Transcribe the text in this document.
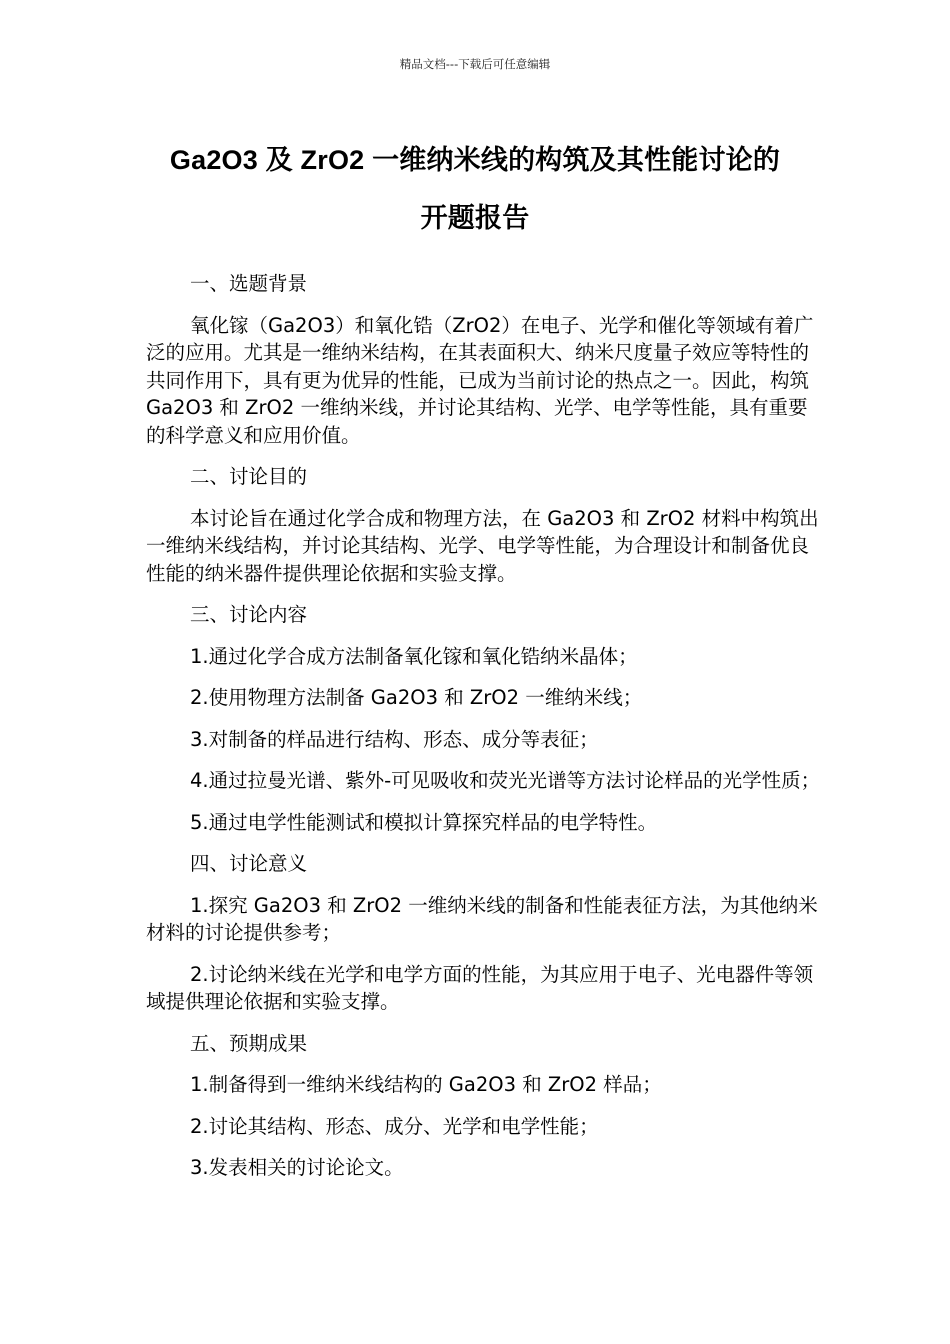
精品文档---下载后可任意编辑
Ga2O3 及 ZrO2 一维纳米线的构筑及其性能讨论的
开题报告

一、选题背景

氧化镓（Ga2O3）和氧化锆（ZrO2）在电子、光学和催化等领域有着广泛的应用。尤其是一维纳米结构，在其表面积大、纳米尺度量子效应等特性的共同作用下，具有更为优异的性能，已成为当前讨论的热点之一。因此，构筑 Ga2O3 和 ZrO2 一维纳米线，并讨论其结构、光学、电学等性能，具有重要的科学意义和应用价值。

二、讨论目的

本讨论旨在通过化学合成和物理方法，在 Ga2O3 和 ZrO2 材料中构筑出一维纳米线结构，并讨论其结构、光学、电学等性能，为合理设计和制备优良性能的纳米器件提供理论依据和实验支撑。

三、讨论内容

1.通过化学合成方法制备氧化镓和氧化锆纳米晶体；

2.使用物理方法制备 Ga2O3 和 ZrO2 一维纳米线；

3.对制备的样品进行结构、形态、成分等表征；

4.通过拉曼光谱、紫外-可见吸收和荧光光谱等方法讨论样品的光学性质；

5.通过电学性能测试和模拟计算探究样品的电学特性。

四、讨论意义

1.探究 Ga2O3 和 ZrO2 一维纳米线的制备和性能表征方法，为其他纳米材料的讨论提供参考；

2.讨论纳米线在光学和电学方面的性能，为其应用于电子、光电器件等领域提供理论依据和实验支撑。

五、预期成果

1.制备得到一维纳米线结构的 Ga2O3 和 ZrO2 样品；

2.讨论其结构、形态、成分、光学和电学性能；

3.发表相关的讨论论文。
